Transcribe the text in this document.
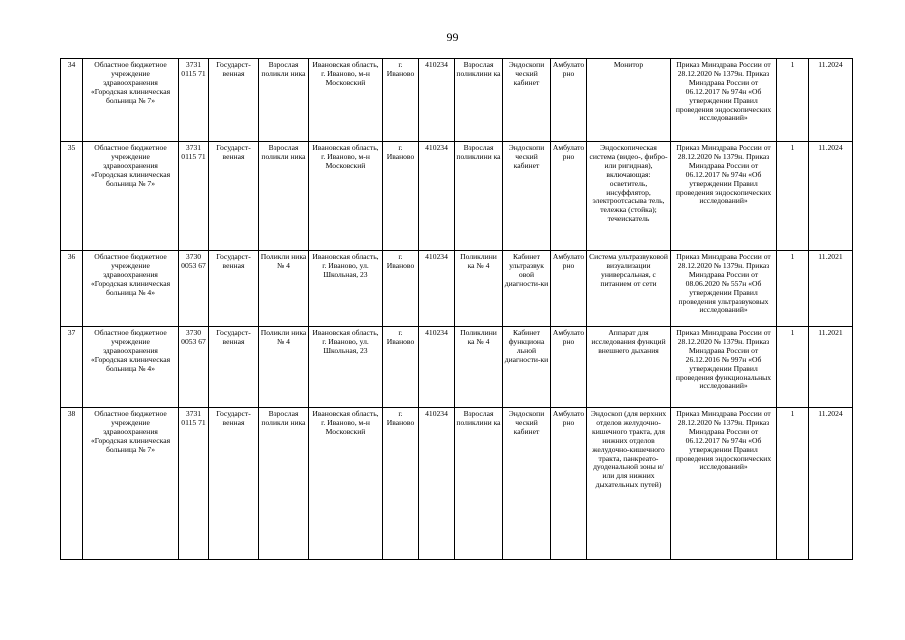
99
34	Областное бюджетное учреждение здравоохранения «Городская клиническая больница № 7»	3731 0115 71	Государст-венная	Взрослая поликли ника	Ивановская область, г. Иваново, м-н Московский	г. Иваново	410234	Взрослая поликлини ка	Эндоскопи ческий кабинет	Амбулато рно	Монитор	Приказ Минздрава России от 28.12.2020 № 1379н. Приказ Минздрава России от 06.12.2017 № 974н «Об утверждении Правил проведения эндоскопических исследований»	1	11.2024
35	Областное бюджетное учреждение здравоохранения «Городская клиническая больница № 7»	3731 0115 71	Государст-венная	Взрослая поликли ника	Ивановская область, г. Иваново, м-н Московский	г. Иваново	410234	Взрослая поликлини ка	Эндоскопи ческий кабинет	Амбулато рно	Эндоскопическая система (видео-, фибро- или ригидная), включающая: осветитель, инсуффлятор, электроотсасыва тель, тележка (стойка); течеискатель	Приказ Минздрава России от 28.12.2020 № 1379н. Приказ Минздрава России от 06.12.2017 № 974н «Об утверждении Правил проведения эндоскопических исследований»	1	11.2024
36	Областное бюджетное учреждение здравоохранения «Городская клиническая больница № 4»	3730 0053 67	Государст-венная	Поликли ника № 4	Ивановская область, г. Иваново, ул. Школьная, 23	г. Иваново	410234	Поликлини ка № 4	Кабинет ультразвук овой диагности-ки	Амбулато рно	Система ультразвуковой визуализации универсальная, с питанием от сети	Приказ Минздрава России от 28.12.2020 № 1379н. Приказ Минздрава России от 08.06.2020 № 557н «Об утверждении Правил проведения ультразвуковых исследований»	1	11.2021
37	Областное бюджетное учреждение здравоохранения «Городская клиническая больница № 4»	3730 0053 67	Государст-венная	Поликли ника № 4	Ивановская область, г. Иваново, ул. Школьная, 23	г. Иваново	410234	Поликлини ка № 4	Кабинет функциона льной диагности-ки	Амбулато рно	Аппарат для исследования функций внешнего дыхания	Приказ Минздрава России от 28.12.2020 № 1379н. Приказ Минздрава России от 26.12.2016 № 997н «Об утверждении Правил проведения функциональных исследований»	1	11.2021
38	Областное бюджетное учреждение здравоохранения «Городская клиническая больница № 7»	3731 0115 71	Государст-венная	Взрослая поликли ника	Ивановская область, г. Иваново, м-н Московский	г. Иваново	410234	Взрослая поликлини ка	Эндоскопи ческий кабинет	Амбулато рно	Эндоскоп (для верхних отделов желудочно-кишечного тракта, для нижних отделов желудочно-кишечного тракта, панкреато-дуоденальной зоны и/или для нижних дыхательных путей)	Приказ Минздрава России от 28.12.2020 № 1379н. Приказ Минздрава России от 06.12.2017 № 974н «Об утверждении Правил проведения эндоскопических исследований»	1	11.2024
